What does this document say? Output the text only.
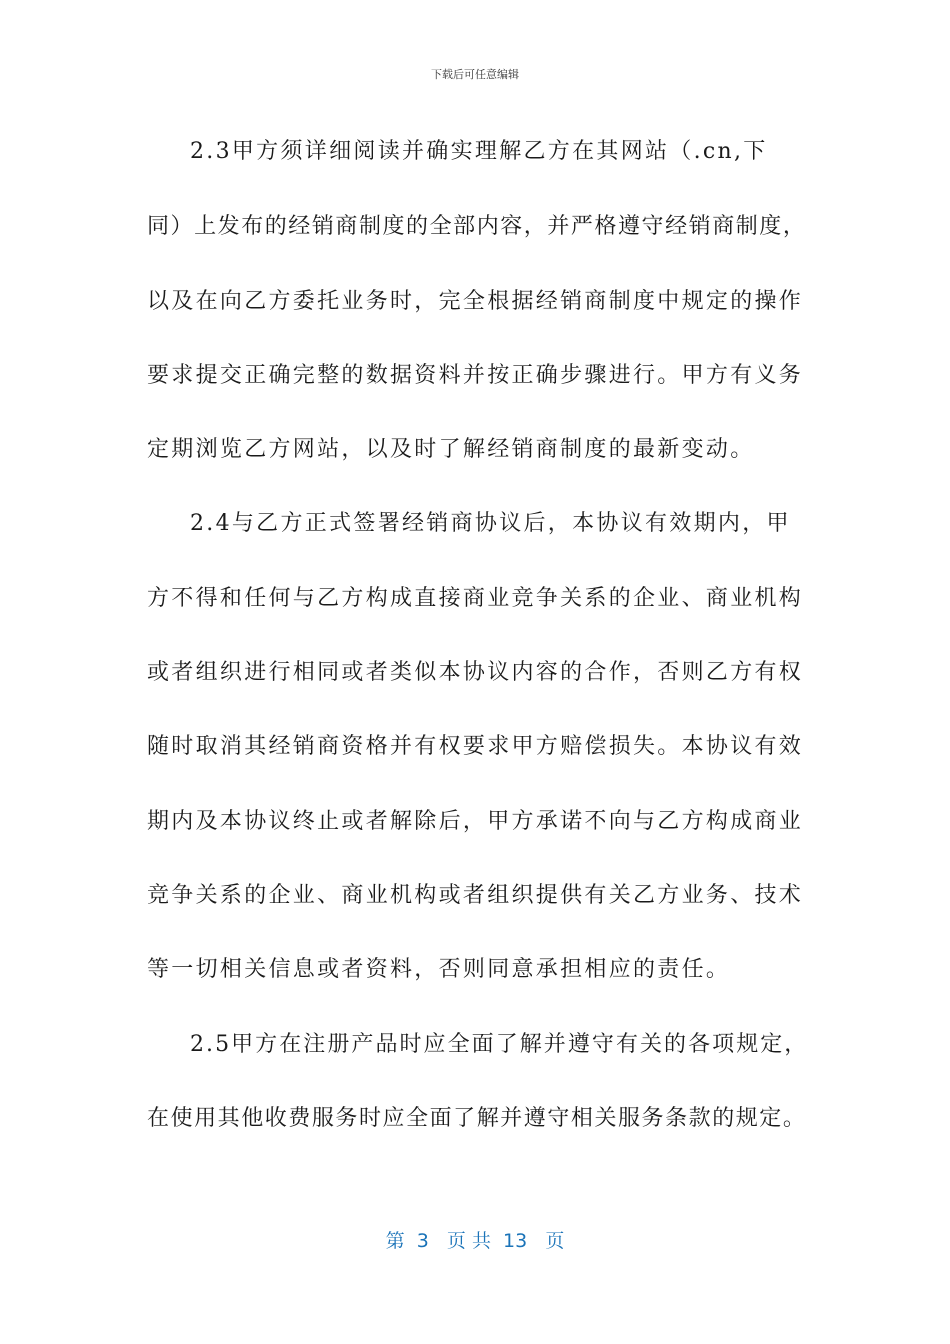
下载后可任意编辑
2.3甲方须详细阅读并确实理解乙方在其网站（.cn,下
同）上发布的经销商制度的全部内容，并严格遵守经销商制度，
以及在向乙方委托业务时，完全根据经销商制度中规定的操作
要求提交正确完整的数据资料并按正确步骤进行。甲方有义务
定期浏览乙方网站，以及时了解经销商制度的最新变动。
2.4与乙方正式签署经销商协议后，本协议有效期内，甲
方不得和任何与乙方构成直接商业竞争关系的企业、商业机构
或者组织进行相同或者类似本协议内容的合作，否则乙方有权
随时取消其经销商资格并有权要求甲方赔偿损失。本协议有效
期内及本协议终止或者解除后，甲方承诺不向与乙方构成商业
竞争关系的企业、商业机构或者组织提供有关乙方业务、技术
等一切相关信息或者资料，否则同意承担相应的责任。
2.5甲方在注册产品时应全面了解并遵守有关的各项规定，
在使用其他收费服务时应全面了解并遵守相关服务条款的规定。
第  3   页 共  13   页
